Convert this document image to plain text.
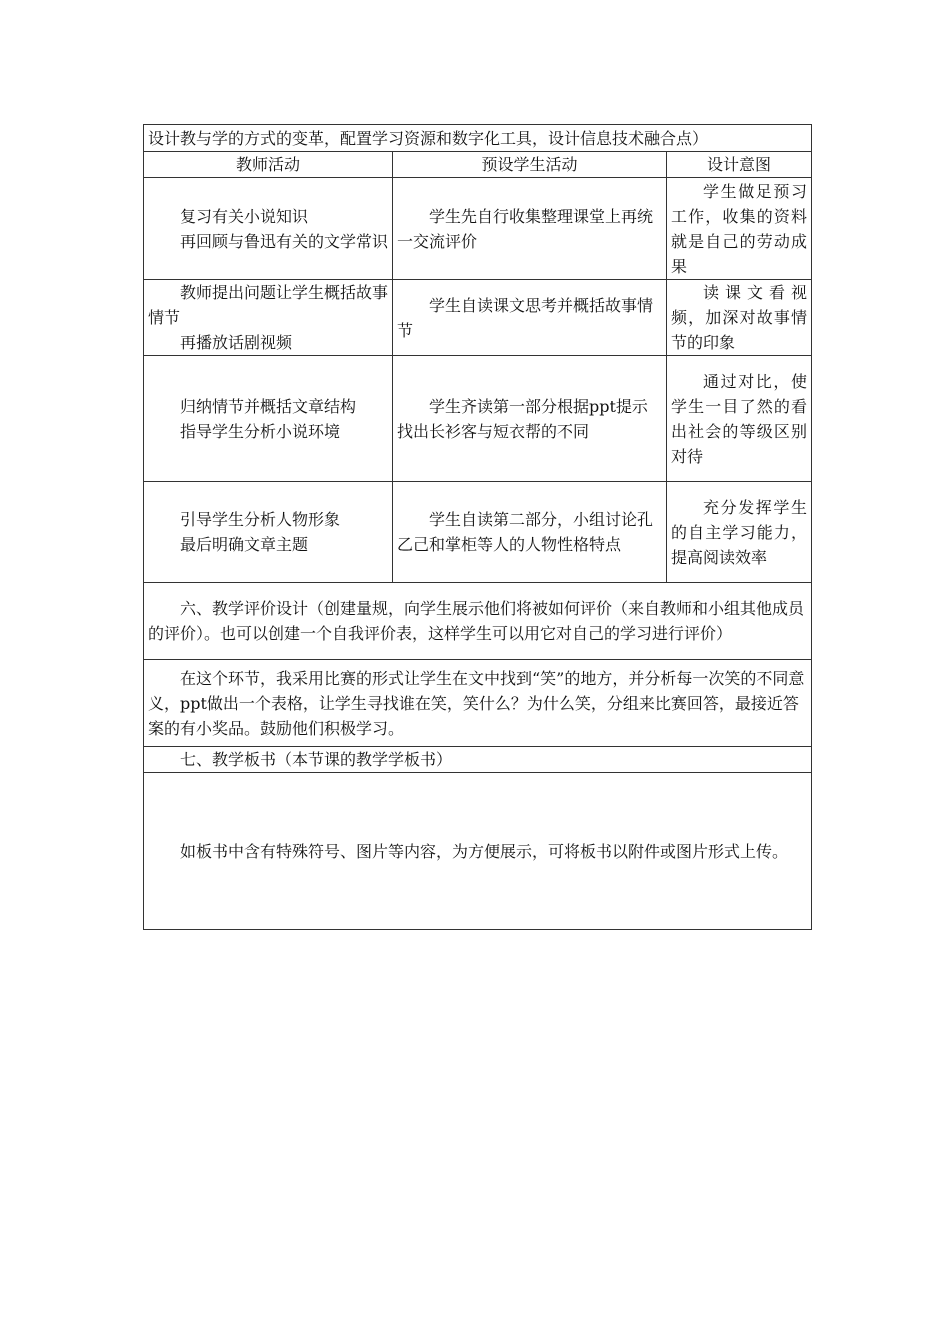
设计教与学的方式的变革，配置学习资源和数字化工具，设计信息技术融合点）		
教师活动	预设学生活动	设计意图

复习有关小说知识

再回顾与鲁迅有关的文学常识	学生先自行收集整理课堂上再统一交流评价	学生做足预习工作，收集的资料就是自己的劳动成果

教师提出问题让学生概括故事情节

再播放话剧视频	学生自读课文思考并概括故事情节	读课文看视频，加深对故事情节的印象

归纳情节并概括文章结构

指导学生分析小说环境	学生齐读第一部分根据ppt提示找出长衫客与短衣帮的不同	通过对比，使学生一目了然的看出社会的等级区别对待

引导学生分析人物形象

最后明确文章主题	学生自读第二部分，小组讨论孔乙己和掌柜等人的人物性格特点	充分发挥学生的自主学习能力，提高阅读效率

六、教学评价设计（创建量规，向学生展示他们将被如何评价（来自教师和小组其他成员的评价）。也可以创建一个自我评价表，这样学生可以用它对自己的学习进行评价）		

在这个环节，我采用比赛的形式让学生在文中找到“笑”的地方，并分析每一次笑的不同意义，ppt做出一个表格，让学生寻找谁在笑，笑什么？为什么笑，分组来比赛回答，最接近答案的有小奖品。鼓励他们积极学习。		

七、教学板书（本节课的教学学板书）		

如板书中含有特殊符号、图片等内容，为方便展示，可将板书以附件或图片形式上传。		
